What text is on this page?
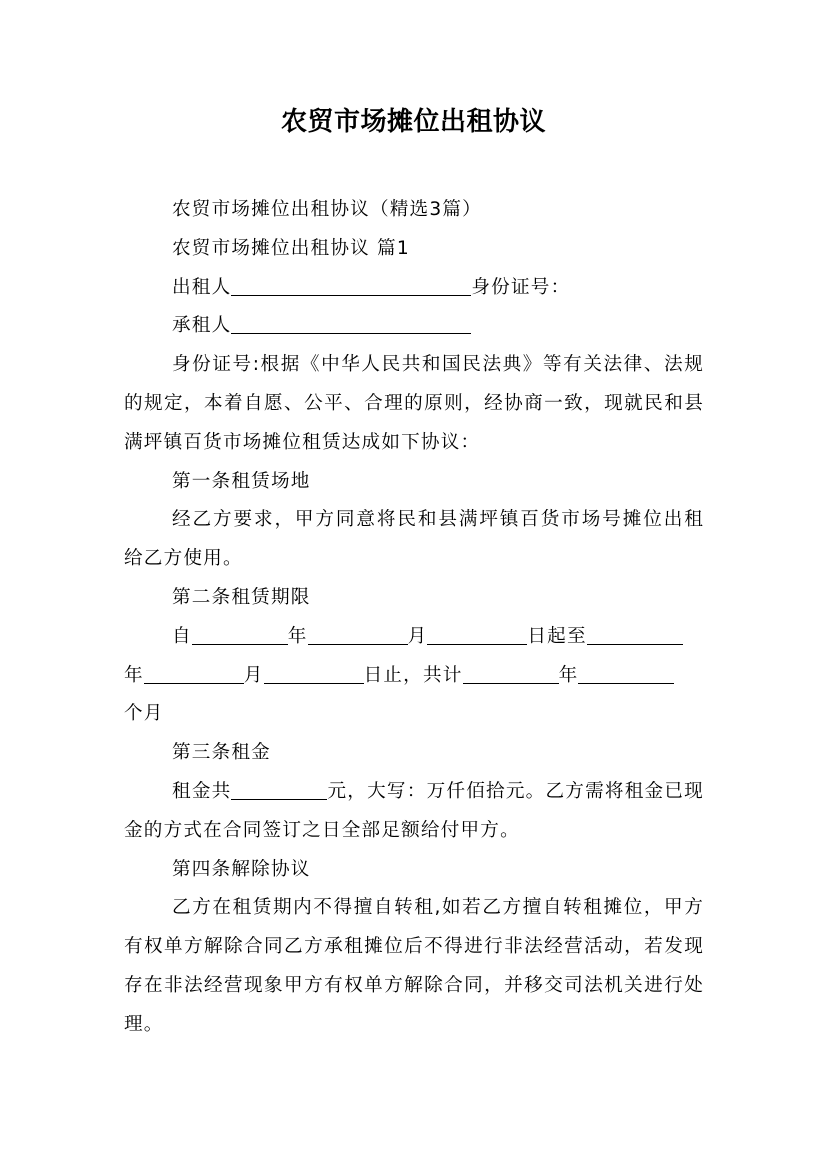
农贸市场摊位出租协议

农贸市场摊位出租协议（精选3篇）

农贸市场摊位出租协议 篇1

出租人	身份证号：

承租人

身份证号:根据《中华人民共和国民法典》等有关法律、法规的规定，本着自愿、公平、合理的原则，经协商一致，现就民和县满坪镇百货市场摊位租赁达成如下协议：

第一条租赁场地

经乙方要求，甲方同意将民和县满坪镇百货市场号摊位出租给乙方使用。

第二条租赁期限

自	年	月	日起至
年	月	日止，共计	年
个月

第三条租金

租金共	元，大写：万仟佰拾元。乙方需将租金已现金的方式在合同签订之日全部足额给付甲方。

第四条解除协议

乙方在租赁期内不得擅自转租,如若乙方擅自转租摊位，甲方有权单方解除合同乙方承租摊位后不得进行非法经营活动，若发现存在非法经营现象甲方有权单方解除合同，并移交司法机关进行处理。
